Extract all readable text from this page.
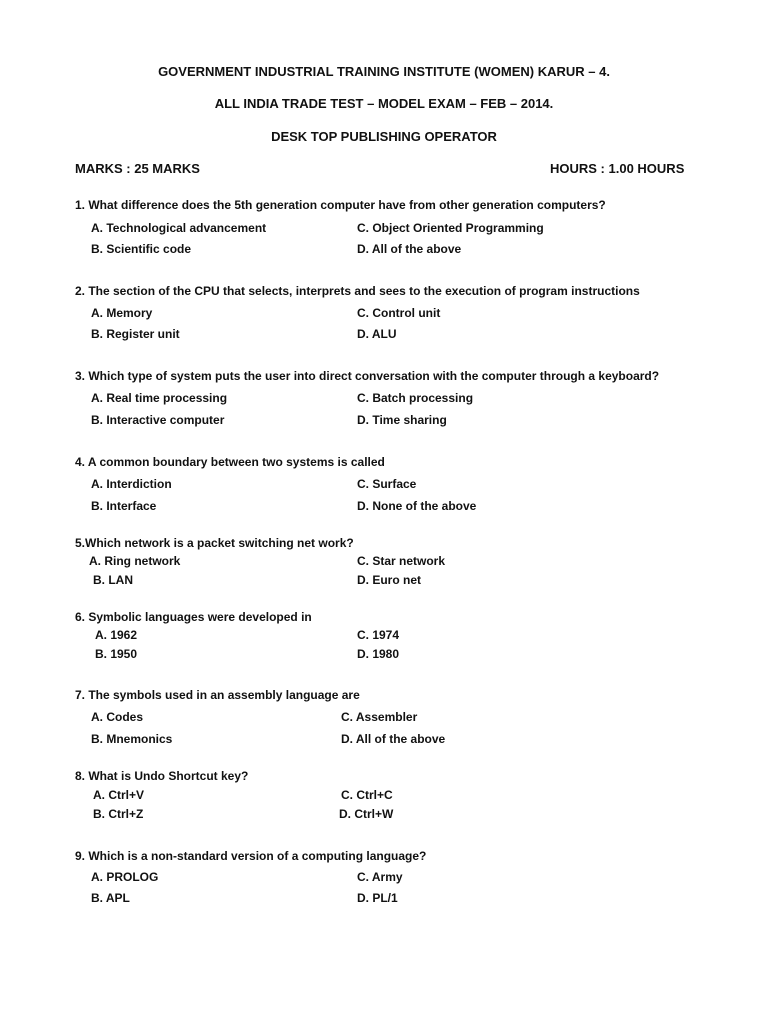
GOVERNMENT INDUSTRIAL TRAINING INSTITUTE (WOMEN) KARUR – 4.
ALL INDIA TRADE TEST – MODEL EXAM – FEB – 2014.
DESK TOP PUBLISHING OPERATOR
MARKS : 25 MARKS	HOURS : 1.00 HOURS
1. What difference does the 5th generation computer have from other generation computers?
A. Technological advancement	C. Object Oriented Programming
B. Scientific code	D. All of the above
2. The section of the CPU that selects, interprets and sees to the execution of program instructions
A. Memory	C. Control unit
B. Register unit	D. ALU
3. Which type of system puts the user into direct conversation with the computer through a keyboard?
A. Real time processing	C. Batch processing
B. Interactive computer	D. Time sharing
4. A common boundary between two systems is called
A. Interdiction	C. Surface
B. Interface	D. None of the above
5.Which network is a packet switching net work?
A. Ring network	C. Star network
B. LAN	D. Euro net
6. Symbolic languages were developed in
A. 1962	C. 1974
B. 1950	D. 1980
7. The symbols used in an assembly language are
A. Codes	C. Assembler
B. Mnemonics	D. All of the above
8. What is Undo Shortcut key?
A. Ctrl+V	C. Ctrl+C
B. Ctrl+Z	D. Ctrl+W
9. Which is a non-standard version of a computing language?
A. PROLOG	C. Army
B. APL	D. PL/1
